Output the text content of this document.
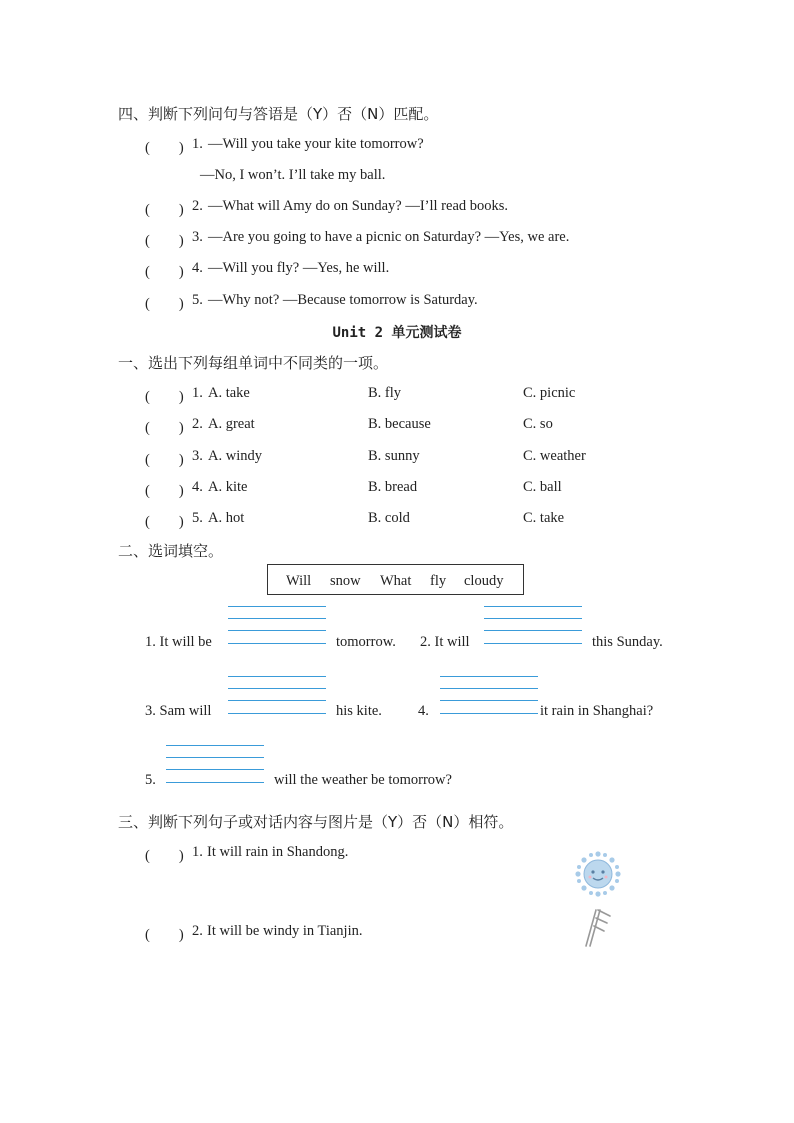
四、判断下列问句与答语是（Y）否（N）匹配。
(　　) 1. —Will you take your kite tomorrow?
—No, I won’t. I’ll take my ball.
(　　) 2. —What will Amy do on Sunday? —I’ll read books.
(　　) 3. —Are you going to have a picnic on Saturday? —Yes, we are.
(　　) 4. —Will you fly? —Yes, he will.
(　　) 5. —Why not? —Because tomorrow is Saturday.
Unit 2 单元测试卷
一、选出下列每组单词中不同类的一项。
(　　) 1. A. take	B. fly	C. picnic
(　　) 2. A. great	B. because	C. so
(　　) 3. A. windy	B. sunny	C. weather
(　　) 4. A. kite	B. bread	C. ball
(　　) 5. A. hot	B. cold	C. take
二、选词填空。
Will snow What fly cloudy
1. It will be	tomorrow. 2. It will	this Sunday.
3. Sam will	his kite. 4.	it rain in Shanghai?
5.	will the weather be tomorrow?
三、判断下列句子或对话内容与图片是（Y）否（N）相符。
(　　) 1. It will rain in Shandong.
(　　) 2. It will be windy in Tianjin.
